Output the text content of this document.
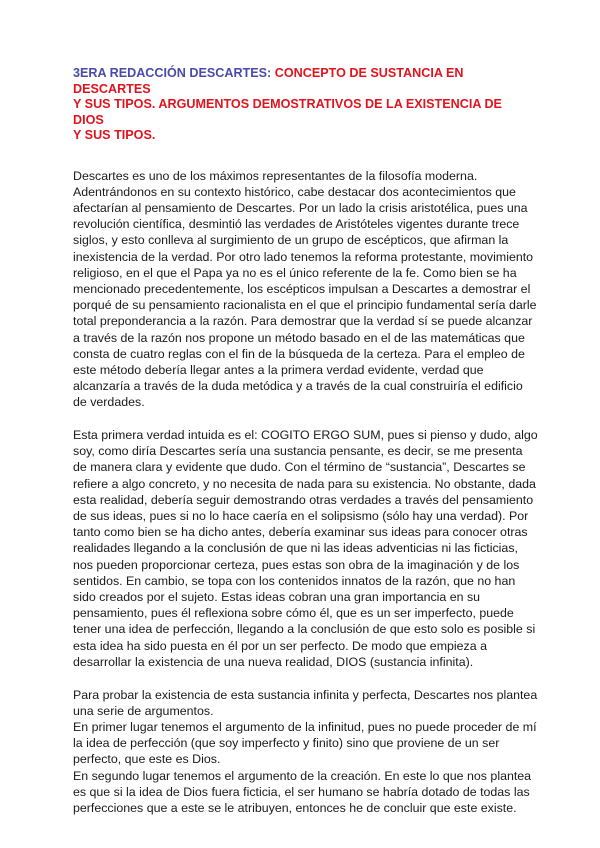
3ERA REDACCIÓN DESCARTES: CONCEPTO DE SUSTANCIA EN DESCARTES
Y SUS TIPOS. ARGUMENTOS DEMOSTRATIVOS DE LA EXISTENCIA DE DIOS
Y SUS TIPOS.
Descartes es uno de los máximos representantes de la filosofía moderna.
Adentrándonos en su contexto histórico, cabe destacar dos acontecimientos que
afectarían al pensamiento de Descartes. Por un lado la crisis aristotélica, pues una
revolución científica, desmintió las verdades de Aristóteles vigentes durante trece
siglos, y esto conlleva al surgimiento de un grupo de escépticos, que afirman la
inexistencia de la verdad. Por otro lado tenemos la reforma protestante, movimiento
religioso, en el que el Papa ya no es el único referente de la fe. Como bien se ha
mencionado precedentemente, los escépticos impulsan a Descartes a demostrar el
porqué de su pensamiento racionalista en el que el principio fundamental sería darle
total preponderancia a la razón. Para demostrar que la verdad sí se puede alcanzar
a través de la razón nos propone un método basado en el de las matemáticas que
consta de cuatro reglas con el fin de la búsqueda de la certeza. Para el empleo de
este método debería llegar antes a la primera verdad evidente, verdad que
alcanzaría a través de la duda metódica y a través de la cual construiría el edificio
de verdades.
Esta primera verdad intuida es el: COGITO ERGO SUM, pues si pienso y dudo, algo
soy, como diría Descartes sería una sustancia pensante, es decir, se me presenta
de manera clara y evidente que dudo. Con el término de “sustancia”, Descartes se
refiere a algo concreto, y no necesita de nada para su existencia. No obstante, dada
esta realidad, debería seguir demostrando otras verdades a través del pensamiento
de sus ideas, pues si no lo hace caería en el solipsismo (sólo hay una verdad). Por
tanto como bien se ha dicho antes, debería examinar sus ideas para conocer otras
realidades llegando a la conclusión de que ni las ideas adventicias ni las ficticias,
nos pueden proporcionar certeza, pues estas son obra de la imaginación y de los
sentidos. En cambio, se topa con los contenidos innatos de la razón, que no han
sido creados por el sujeto. Estas ideas cobran una gran importancia en su
pensamiento, pues él reflexiona sobre cómo él, que es un ser imperfecto, puede
tener una idea de perfección, llegando a la conclusión de que esto solo es posible si
esta idea ha sido puesta en él por un ser perfecto. De modo que empieza a
desarrollar la existencia de una nueva realidad, DIOS (sustancia infinita).
Para probar la existencia de esta sustancia infinita y perfecta, Descartes nos plantea
una serie de argumentos.
En primer lugar tenemos el argumento de la infinitud, pues no puede proceder de mí
la idea de perfección (que soy imperfecto y finito) sino que proviene de un ser
perfecto, que este es Dios.
En segundo lugar tenemos el argumento de la creación. En este lo que nos plantea
es que si la idea de Dios fuera ficticia, el ser humano se habría dotado de todas las
perfecciones que a este se le atribuyen, entonces he de concluir que este existe.
